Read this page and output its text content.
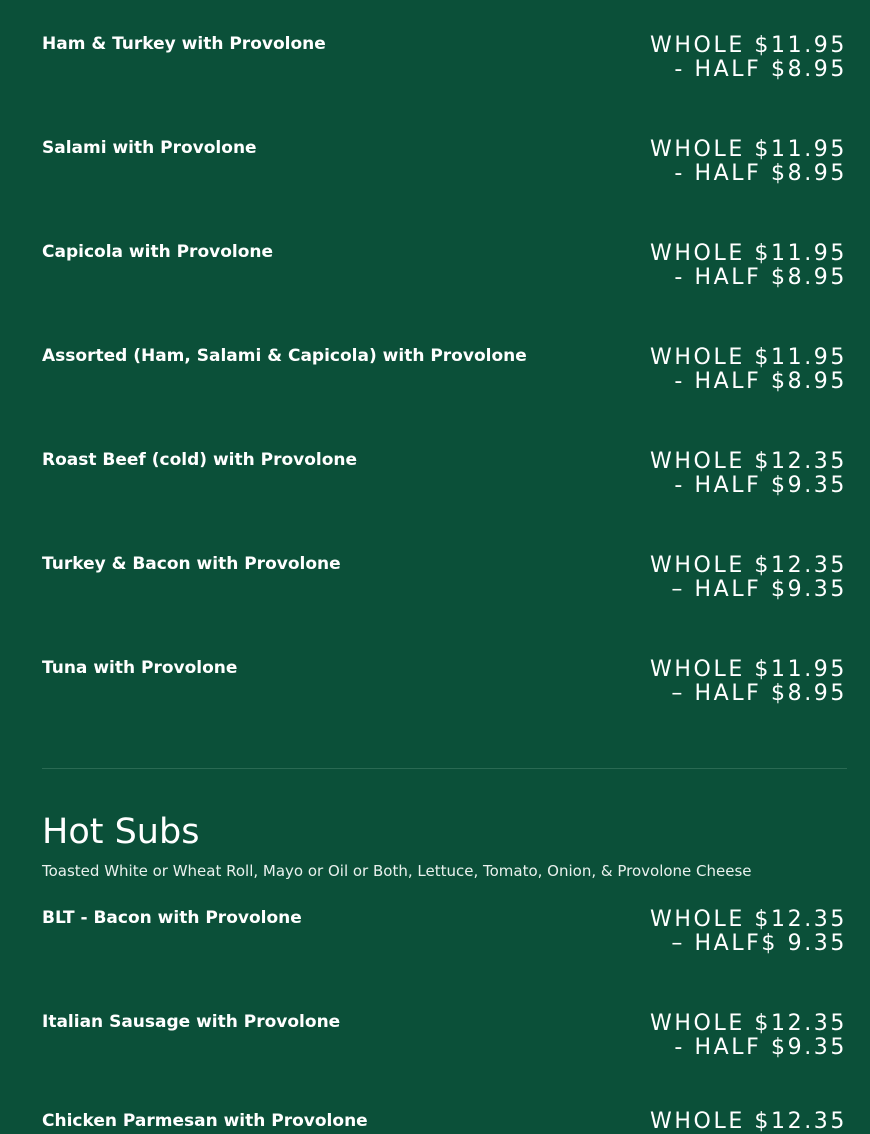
Ham & Turkey with Provolone	WHOLE $11.95 - HALF $8.95
Salami with Provolone	WHOLE $11.95 - HALF $8.95
Capicola with Provolone	WHOLE $11.95 - HALF $8.95
Assorted (Ham, Salami & Capicola) with Provolone	WHOLE $11.95 - HALF $8.95
Roast Beef (cold) with Provolone	WHOLE $12.35 - HALF $9.35
Turkey & Bacon with Provolone	WHOLE $12.35 – HALF $9.35
Tuna with Provolone	WHOLE $11.95 – HALF $8.95
Hot Subs
Toasted White or Wheat Roll, Mayo or Oil or Both, Lettuce, Tomato, Onion, & Provolone Cheese
BLT - Bacon with Provolone	WHOLE $12.35 – HALF$ 9.35
Italian Sausage with Provolone	WHOLE $12.35 - HALF $9.35
Chicken Parmesan with Provolone	WHOLE $12.35
